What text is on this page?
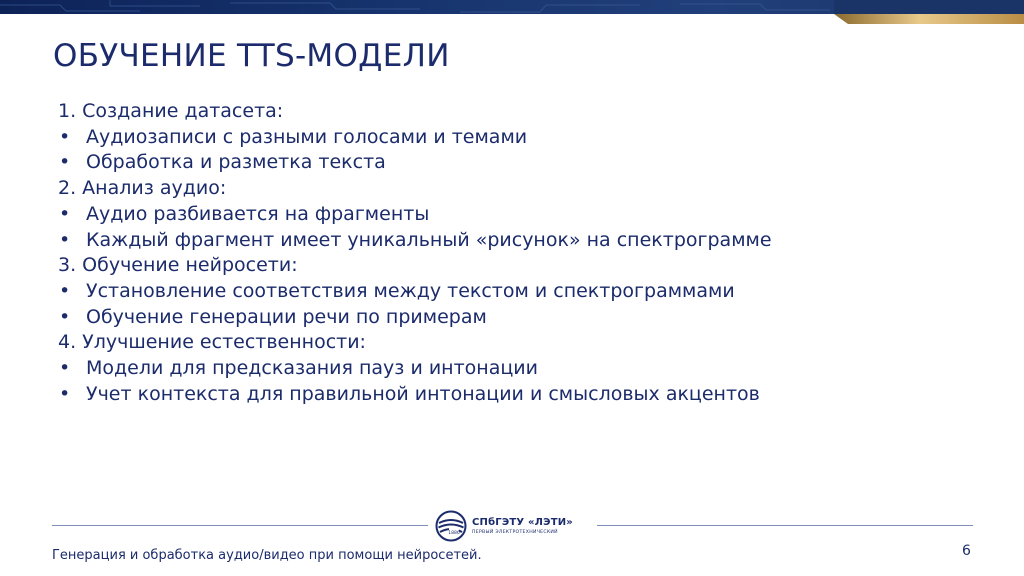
ОБУЧЕНИЕ TTS-МОДЕЛИ
1. Создание датасета:
• Аудиозаписи с разными голосами и темами
• Обработка и разметка текста
2. Анализ аудио:
• Аудио разбивается на фрагменты
• Каждый фрагмент имеет уникальный «рисунок» на спектрограмме
3. Обучение нейросети:
• Установление соответствия между текстом и спектрограммами
• Обучение генерации речи по примерам
4. Улучшение естественности:
• Модели для предсказания пауз и интонации
• Учет контекста для правильной интонации и смысловых акцентов
1886
СПбГЭТУ «ЛЭТИ»
ПЕРВЫЙ ЭЛЕКТРОТЕХНИЧЕСКИЙ
Генерация и обработка аудио/видео при помощи нейросетей.	6
